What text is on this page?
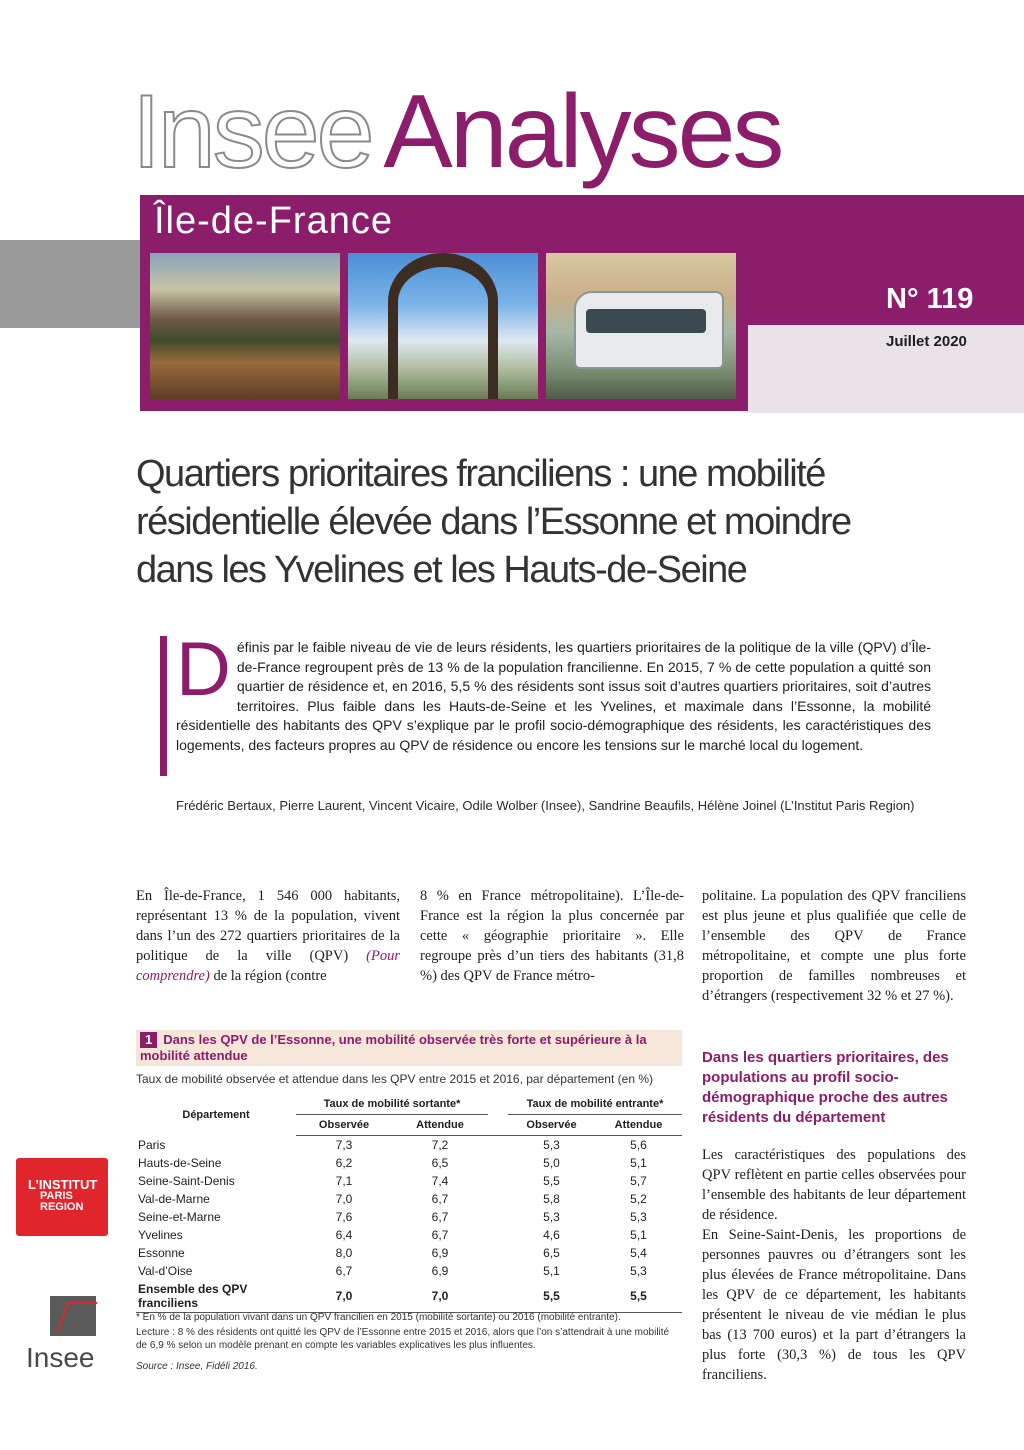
Insee Analyses
Île-de-France
N° 119
Juillet 2020
Quartiers prioritaires franciliens : une mobilité résidentielle élevée dans l’Essonne et moindre dans les Yvelines et les Hauts-de-Seine

Définis par le faible niveau de vie de leurs résidents, les quartiers prioritaires de la politique de la ville (QPV) d’Île-de-France regroupent près de 13 % de la population francilienne. En 2015, 7 % de cette population a quitté son quartier de résidence et, en 2016, 5,5 % des résidents sont issus soit d’autres quartiers prioritaires, soit d’autres territoires. Plus faible dans les Hauts-de-Seine et les Yvelines, et maximale dans l’Essonne, la mobilité résidentielle des habitants des QPV s’explique par le profil socio-démographique des résidents, les caractéristiques des logements, des facteurs propres au QPV de résidence ou encore les tensions sur le marché local du logement.

Frédéric Bertaux, Pierre Laurent, Vincent Vicaire, Odile Wolber (Insee), Sandrine Beaufils, Hélène Joinel (L’Institut Paris Region)

En Île-de-France, 1 546 000 habitants, représentant 13 % de la population, vivent dans l’un des 272 quartiers prioritaires de la politique de la ville (QPV) (Pour comprendre) de la région (contre

8 % en France métropolitaine). L’Île-de-France est la région la plus concernée par cette « géographie prioritaire ». Elle regroupe près d’un tiers des habitants (31,8 %) des QPV de France métro-

politaine. La population des QPV franciliens est plus jeune et plus qualifiée que celle de l’ensemble des QPV de France métropolitaine, et compte une plus forte proportion de familles nombreuses et d’étrangers (respectivement 32 % et 27 %).

Dans les quartiers prioritaires, des populations au profil socio-démographique proche des autres résidents du département
Les caractéristiques des populations des QPV reflètent en partie celles observées pour l’ensemble des habitants de leur département de résidence.
En Seine-Saint-Denis, les proportions de personnes pauvres ou d’étrangers sont les plus élevées de France métropolitaine. Dans les QPV de ce département, les habitants présentent le niveau de vie médian le plus bas (13 700 euros) et la part d’étrangers la plus forte (30,3 %) de tous les QPV franciliens.
1 Dans les QPV de l’Essonne, une mobilité observée très forte et supérieure à la mobilité attendue

Taux de mobilité observée et attendue dans les QPV entre 2015 et 2016, par département (en %)

Département	Taux de mobilité sortante*			Taux de mobilité entrante*	
	Observée	Attendue		Observée	Attendue
Paris	7,3	7,2		5,3	5,6
Hauts-de-Seine	6,2	6,5		5,0	5,1
Seine-Saint-Denis	7,1	7,4		5,5	5,7
Val-de-Marne	7,0	6,7		5,8	5,2
Seine-et-Marne	7,6	6,7		5,3	5,3
Yvelines	6,4	6,7		4,6	5,1
Essonne	8,0	6,9		6,5	5,4
Val-d’Oise	6,7	6,9		5,1	5,3
Ensemble des QPV franciliens	7,0	7,0		5,5	5,5

* En % de la population vivant dans un QPV francilien en 2015 (mobilité sortante) ou 2016 (mobilité entrante).

Lecture : 8 % des résidents ont quitté les QPV de l’Essonne entre 2015 et 2016, alors que l’on s’attendrait à une mobilité de 6,9 % selon un modèle prenant en compte les variables explicatives les plus influentes.

Source : Insee, Fidéli 2016.

L’INSTITUT
PARIS
REGION
Insee
